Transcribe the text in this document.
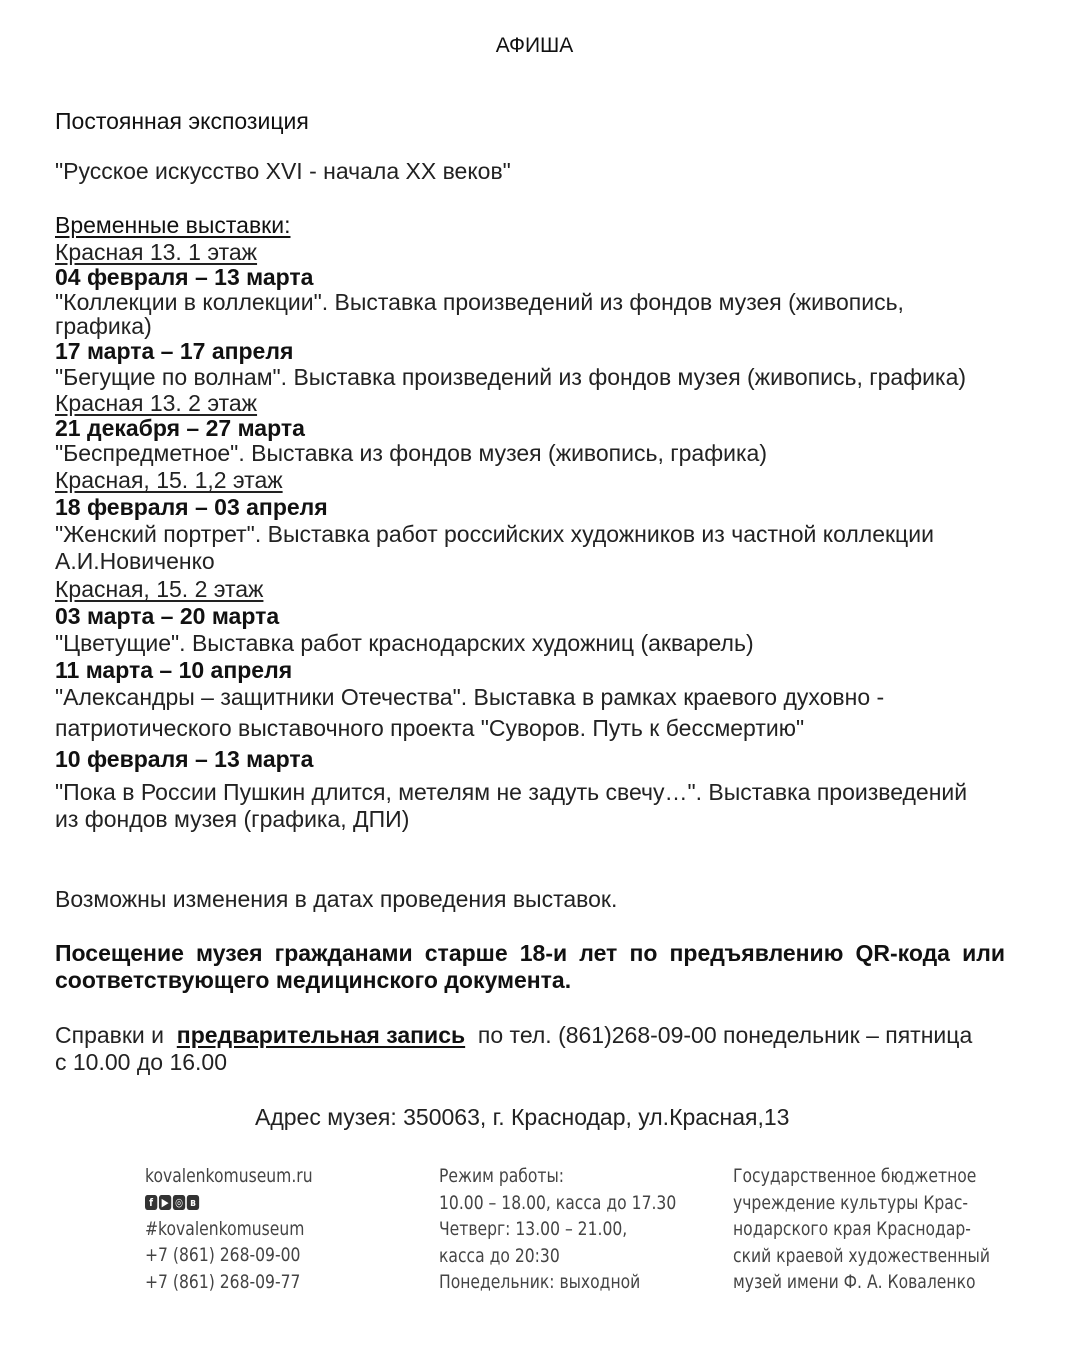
АФИША
Постоянная экспозиция
"Русское искусство XVI - начала XX веков"
Временные выставки:
Красная 13. 1 этаж
04 февраля – 13 марта
"Коллекции в коллекции". Выставка произведений из фондов музея (живопись,
графика)
17 марта – 17 апреля
"Бегущие по волнам". Выставка произведений из фондов музея (живопись, графика)
Красная 13. 2 этаж
21 декабря – 27 марта
"Беспредметное". Выставка из фондов музея (живопись, графика)
Красная, 15. 1,2 этаж
18 февраля – 03 апреля
"Женский портрет". Выставка работ российских художников из частной коллекции
А.И.Новиченко
Красная, 15. 2 этаж
03 марта – 20 марта
"Цветущие". Выставка работ краснодарских художниц (акварель)
11 марта – 10 апреля
"Александры – защитники Отечества". Выставка в рамках краевого духовно -
патриотического выставочного проекта "Суворов. Путь к бессмертию"
10 февраля – 13 марта
"Пока в России Пушкин длится, метелям не задуть свечу…". Выставка произведений
из фондов музея (графика, ДПИ)
Возможны изменения в датах проведения выставок.
Посещение музея гражданами старше 18-и лет по предъявлению QR-кода или
соответствующего медицинского документа.
Справки и предварительная запись по тел. (861)268-09-00 понедельник – пятница
с 10.00 до 16.00
Адрес музея: 350063, г. Краснодар, ул.Красная,13
kovalenkomuseum.ru
f ▶ ◎ в
#kovalenkomuseum
+7 (861) 268-09-00
+7 (861) 268-09-77
Режим работы:
10.00 – 18.00, касса до 17.30
Четверг: 13.00 – 21.00,
касса до 20:30
Понедельник: выходной
Государственное бюджетное
учреждение культуры Крас-
нодарского края Краснодар-
ский краевой художественный
музей имени Ф. А. Коваленко
